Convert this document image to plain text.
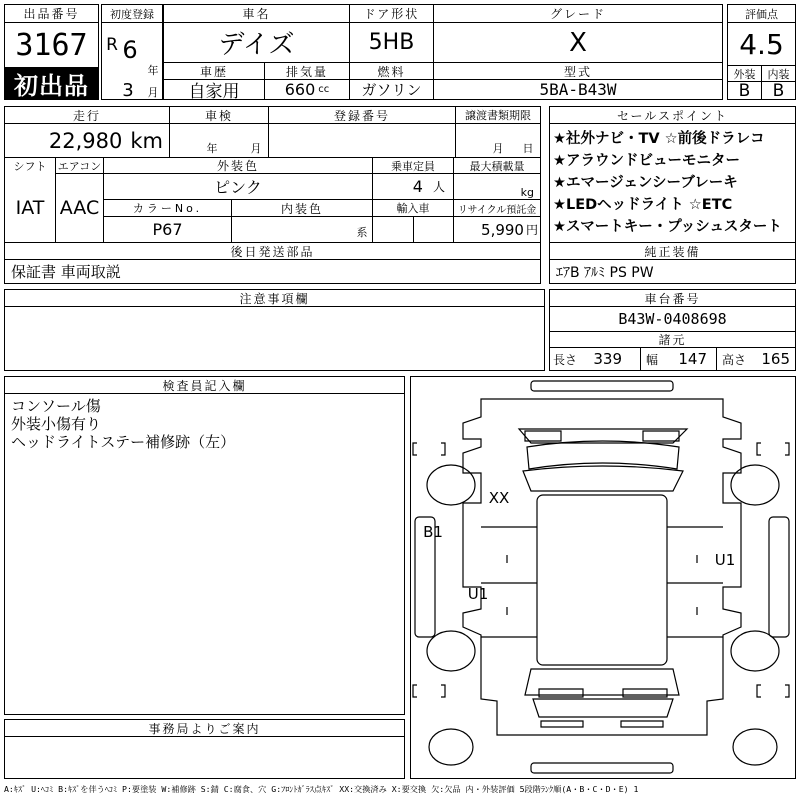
出品番号
3167
初出品
初度登録
R 6
年
3	月
車名	ドア形状	グレード
デイズ	5HB	X
車歴	排気量	燃料	型式
自家用	660 cc	ガソリン	5BA-B43W
評価点
4.5
外装	内装
B	B
走行	車検	登録番号	譲渡書類期限
22,980 km	年	月	月 日
シフト	エアコン	外装色	乗車定員	最大積載量
IAT AAC
ピンク	4 人	kg
カラーNo.	内装色	輸入車	リサイクル預託金
P67	系	5,990 円
後日発送部品
保証書 車両取説
セールスポイント
★社外ナビ・TV ☆前後ドラレコ
★アラウンドビューモニター
★エマージェンシーブレーキ
★LEDヘッドライト ☆ETC
★スマートキー・プッシュスタート
純正装備
ｴｱB ｱﾙﾐ PS PW
注意事項欄	車台番号
B43W-0408698
諸元
長さ	339 幅	147 高さ	165
検査員記入欄
コンソール傷
外装小傷有り
ヘッドライトステー補修跡（左）
事務局よりご案内
XX
B1
U1
U1
A:ｷｽﾞ U:ﾍｺﾐ B:ｷｽﾞを伴うﾍｺﾐ P:要塗装 W:補修跡 S:錆 C:腐食、穴 G:ﾌﾛﾝﾄｶﾞﾗｽ点ｷｽﾞ XX:交換済み X:要交換 欠:欠品 内・外装評価 5段階ﾗﾝｸ順(A・B・C・D・E) 1
